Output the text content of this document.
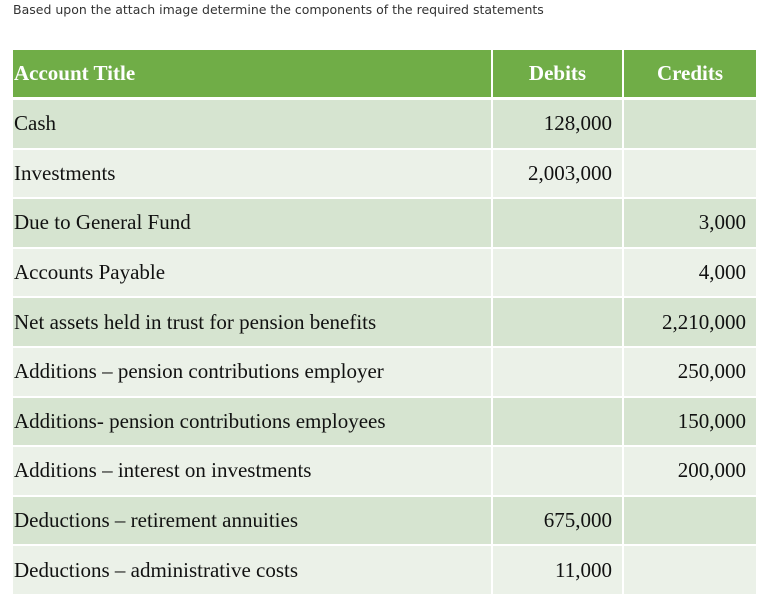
Based upon the attach image determine the components of the required statements
Account Title	Debits	Credits
Cash	128,000	
Investments	2,003,000	
Due to General Fund		3,000
Accounts Payable		4,000
Net assets held in trust for pension benefits		2,210,000
Additions – pension contributions employer		250,000
Additions- pension contributions employees		150,000
Additions – interest on investments		200,000
Deductions – retirement annuities	675,000	
Deductions – administrative costs	11,000	
